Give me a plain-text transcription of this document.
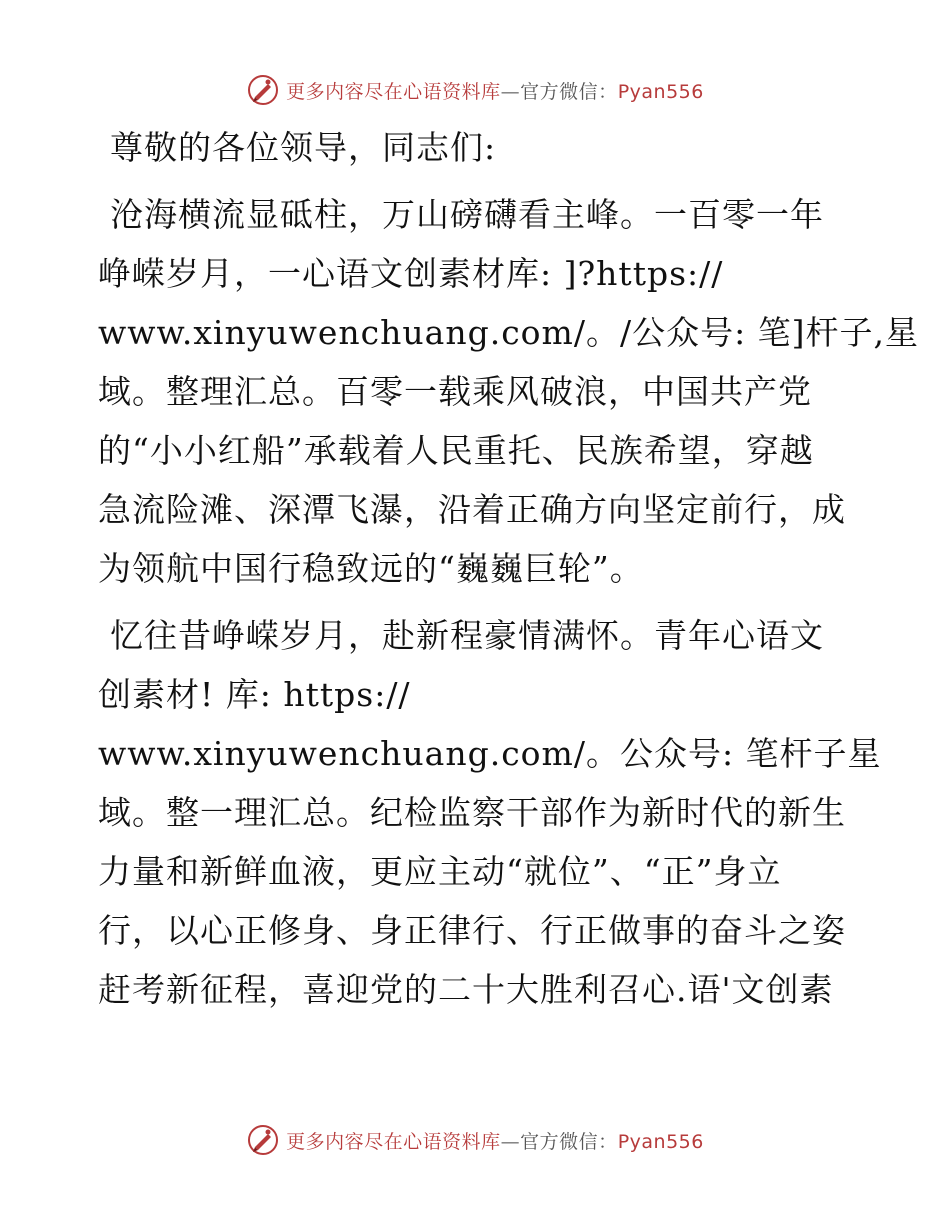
更多内容尽在心语资料库—官方微信：Pyan556
尊敬的各位领导，同志们:
沧海横流显砥柱，万山磅礴看主峰。一百零一年
峥嵘岁月，一心语文创素材库: ]?https://
www.xinyuwenchuang.com/。/公众号: 笔]杆子,星
域。整理汇总。百零一载乘风破浪，中国共产党
的“小小红船”承载着人民重托、民族希望，穿越
急流险滩、深潭飞瀑，沿着正确方向坚定前行，成
为领航中国行稳致远的“巍巍巨轮”。
忆往昔峥嵘岁月，赴新程豪情满怀。青年心语文
创素材! 库: https://
www.xinyuwenchuang.com/。公众号: 笔杆子星
域。整一理汇总。纪检监察干部作为新时代的新生
力量和新鲜血液，更应主动“就位”、“正”身立
行，以心正修身、身正律行、行正做事的奋斗之姿
赶考新征程，喜迎党的二十大胜利召心.语'文创素
更多内容尽在心语资料库—官方微信：Pyan556
